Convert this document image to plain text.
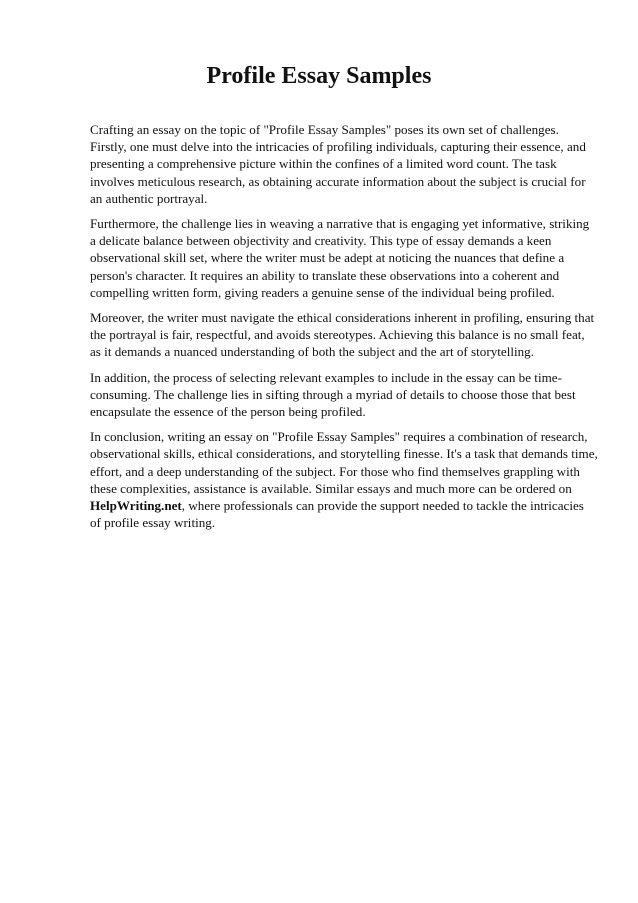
Profile Essay Samples

Crafting an essay on the topic of "Profile Essay Samples" poses its own set of challenges. Firstly, one must delve into the intricacies of profiling individuals, capturing their essence, and presenting a comprehensive picture within the confines of a limited word count. The task involves meticulous research, as obtaining accurate information about the subject is crucial for an authentic portrayal.

Furthermore, the challenge lies in weaving a narrative that is engaging yet informative, striking a delicate balance between objectivity and creativity. This type of essay demands a keen observational skill set, where the writer must be adept at noticing the nuances that define a person's character. It requires an ability to translate these observations into a coherent and compelling written form, giving readers a genuine sense of the individual being profiled.

Moreover, the writer must navigate the ethical considerations inherent in profiling, ensuring that the portrayal is fair, respectful, and avoids stereotypes. Achieving this balance is no small feat, as it demands a nuanced understanding of both the subject and the art of storytelling.

In addition, the process of selecting relevant examples to include in the essay can be time-consuming. The challenge lies in sifting through a myriad of details to choose those that best encapsulate the essence of the person being profiled.

In conclusion, writing an essay on "Profile Essay Samples" requires a combination of research, observational skills, ethical considerations, and storytelling finesse. It's a task that demands time, effort, and a deep understanding of the subject. For those who find themselves grappling with these complexities, assistance is available. Similar essays and much more can be ordered on HelpWriting.net, where professionals can provide the support needed to tackle the intricacies of profile essay writing.
